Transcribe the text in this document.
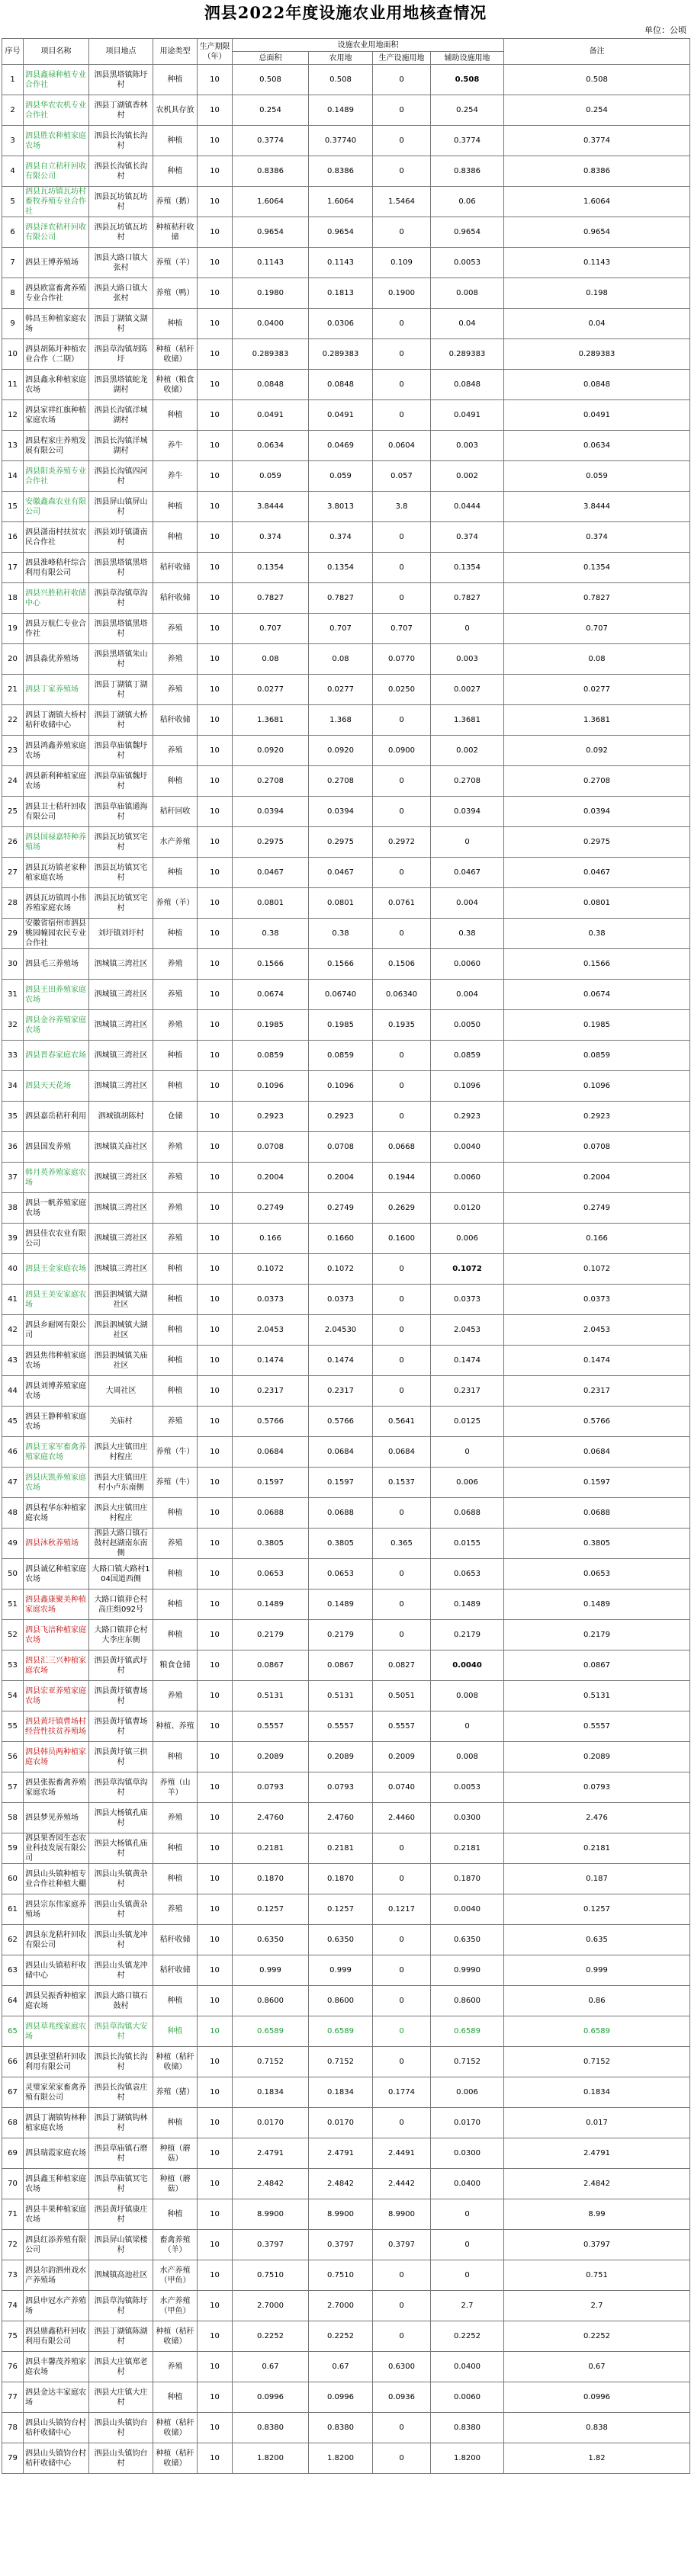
泗县2022年度设施农业用地核查情况
单位：公顷
序号	项目名称	项目地点	用途类型	生产期限（年）	设施农业用地面积				备注
					总面积	农用地	生产设施用地	辅助设施用地	
1	泗县鑫禄种植专业合作社	泗县黑塔镇陈圩村	种植	10	0.508	0.508	0	0.508	0.508
2	泗县华农农机专业合作社	泗县丁湖镇香林村	农机具存放	10	0.254	0.1489	0	0.254	0.254
3	泗县胜农种植家庭农场	泗县长沟镇长沟村	种植	10	0.3774	0.37740	0	0.3774	0.3774
4	泗县自立秸秆回收有限公司	泗县长沟镇长沟村	种植	10	0.8386	0.8386	0	0.8386	0.8386
5	泗县瓦坊镇瓦坊村畜牧养殖专业合作社	泗县瓦坊镇瓦坊村	养殖（鹅）	10	1.6064	1.6064	1.5464	0.06	1.6064
6	泗县泽农秸秆回收有限公司	泗县瓦坊镇瓦坊村	种植秸秆收储	10	0.9654	0.9654	0	0.9654	0.9654
7	泗县王博养殖场	泗县大路口镇大张村	养殖（羊）	10	0.1143	0.1143	0.109	0.0053	0.1143
8	泗县欧富畜禽养殖专业合作社	泗县大路口镇大张村	养殖（鸭）	10	0.1980	0.1813	0.1900	0.008	0.198
9	韩昌玉种植家庭农场	泗县丁湖镇文湖村	种植	10	0.0400	0.0306	0	0.04	0.04
10	泗县胡陈圩种植农业合作（二期）	泗县草沟镇胡陈圩	种植（秸秆收储）	10	0.289383	0.289383	0	0.289383	0.289383
11	泗县鑫永种植家庭农场	泗县黑塔镇蛇龙湖村	种植（粮食收储）	10	0.0848	0.0848	0	0.0848	0.0848
12	泗县家祥红旗种植家庭农场	泗县长沟镇洋城湖村	种植	10	0.0491	0.0491	0	0.0491	0.0491
13	泗县程家庄养殖发展有限公司	泗县长沟镇洋城湖村	养牛	10	0.0634	0.0469	0.0604	0.003	0.0634
14	泗县阳炎养殖专业合作社	泗县长沟镇四河村	养牛	10	0.059	0.059	0.057	0.002	0.059
15	安徽鑫森农业有限公司	泗县屏山镇屏山村	种植	10	3.8444	3.8013	3.8	0.0444	3.8444
16	泗县潇南村扶贫农民合作社	泗县刘圩镇潇南村	种植	10	0.374	0.374	0	0.374	0.374
17	泗县淮峰秸秆综合利用有限公司	泗县黑塔镇黑塔村	秸秆收储	10	0.1354	0.1354	0	0.1354	0.1354
18	泗县兴胜秸秆收储中心	泗县草沟镇草沟村	秸秆收储	10	0.7827	0.7827	0	0.7827	0.7827
19	泗县万航仁专业合作社	泗县黑塔镇黑塔村	养殖	10	0.707	0.707	0.707	0	0.707
20	泗县淼优养殖场	泗县黑塔镇朱山村	养殖	10	0.08	0.08	0.0770	0.003	0.08
21	泗县丁家养殖场	泗县丁湖镇丁湖村	养殖	10	0.0277	0.0277	0.0250	0.0027	0.0277
22	泗县丁湖镇大桥村秸秆收储中心	泗县丁湖镇大桥村	秸秆收储	10	1.3681	1.368	0	1.3681	1.3681
23	泗县鸿鑫养殖家庭农场	泗县草庙镇魏圩村	养殖	10	0.0920	0.0920	0.0900	0.002	0.092
24	泗县新利种植家庭农场	泗县草庙镇魏圩村	种植	10	0.2708	0.2708	0	0.2708	0.2708
25	泗县卫士秸秆回收有限公司	泗县草庙镇通海村	秸秆回收	10	0.0394	0.0394	0	0.0394	0.0394
26	泗县国禄嘉特种养殖场	泗县瓦坊镇冥宅村	水产养殖	10	0.2975	0.2975	0.2972	0	0.2975
27	泗县瓦坊镇老家种植家庭农场	泗县瓦坊镇冥宅村	种植	10	0.0467	0.0467	0	0.0467	0.0467
28	泗县瓦坊镇周小伟养殖家庭农场	泗县瓦坊镇冥宅村	养殖（羊）	10	0.0801	0.0801	0.0761	0.004	0.0801
29	安徽省宿州市泗县桃园幢园农民专业合作社	刘圩镇刘圩村	种植	10	0.38	0.38	0	0.38	0.38
30	泗县毛三养殖场	泗城镇三湾社区	养殖	10	0.1566	0.1566	0.1506	0.0060	0.1566
31	泗县王田养殖家庭农场	泗城镇三湾社区	养殖	10	0.0674	0.06740	0.06340	0.004	0.0674
32	泗县金谷养殖家庭农场	泗城镇三湾社区	养殖	10	0.1985	0.1985	0.1935	0.0050	0.1985
33	泗县晋春家庭农场	泗城镇三湾社区	种植	10	0.0859	0.0859	0	0.0859	0.0859
34	泗县天天花场	泗城镇三湾社区	种植	10	0.1096	0.1096	0	0.1096	0.1096
35	泗县嘉岳秸秆利用	泗城镇胡陈村	仓储	10	0.2923	0.2923	0	0.2923	0.2923
36	泗县国发养殖	泗城镇关庙社区	养殖	10	0.0708	0.0708	0.0668	0.0040	0.0708
37	韩月英养殖家庭农场	泗城镇三湾社区	养殖	10	0.2004	0.2004	0.1944	0.0060	0.2004
38	泗县一帆养殖家庭农场	泗城镇三湾社区	养殖	10	0.2749	0.2749	0.2629	0.0120	0.2749
39	泗县佳农农业有限公司	泗城镇三湾社区	养殖	10	0.166	0.1660	0.1600	0.006	0.166
40	泗县王金家庭农场	泗城镇三湾社区	种植	10	0.1072	0.1072	0	0.1072	0.1072
41	泗县王美安家庭农场	泗县泗城镇大湖社区	种植	10	0.0373	0.0373	0	0.0373	0.0373
42	泗县乡耐网有限公司	泗县泗城镇大湖社区	种植	10	2.0453	2.04530	0	2.0453	2.0453
43	泗县焦伟种植家庭农场	泗县泗城镇关庙社区	种植	10	0.1474	0.1474	0	0.1474	0.1474
44	泗县刘博养殖家庭农场	大周社区	种植	10	0.2317	0.2317	0	0.2317	0.2317
45	泗县王静种植家庭农场	关庙村	养殖	10	0.5766	0.5766	0.5641	0.0125	0.5766
46	泗县王家军畜禽养殖家庭农场	泗县大庄镇田庄村程庄	养殖（牛）	10	0.0684	0.0684	0.0684	0	0.0684
47	泗县庆凯养殖家庭农场	泗县大庄镇田庄村小卢东南侧	养殖（牛）	10	0.1597	0.1597	0.1537	0.006	0.1597
48	泗县程华东种植家庭农场	泗县大庄镇田庄村程庄	种植	10	0.0688	0.0688	0	0.0688	0.0688
49	泗县沐秋养殖场	泗县大路口镇石鼓村赵湖南东南侧	养殖	10	0.3805	0.3805	0.365	0.0155	0.3805
50	泗县诚亿种植家庭农场	大路口镇大路村104国道西侧	种植	10	0.0653	0.0653	0	0.0653	0.0653
51	泗县鑫康聚美种植家庭农场	大路口镇茆仑村高庄组092号	种植	10	0.1489	0.1489	0	0.1489	0.1489
52	泗县飞涪种植家庭农场	大路口镇茆仑村大李庄东侧	种植	10	0.2179	0.2179	0	0.2179	0.2179
53	泗县汇三兴种植家庭农场	泗县黄圩镇武圩村	粮食仓储	10	0.0867	0.0867	0.0827	0.0040	0.0867
54	泗县宏亚养殖家庭农场	泗县黄圩镇曹场村	养殖	10	0.5131	0.5131	0.5051	0.008	0.5131
55	泗县黄圩镇曹场村经营性扶贫养殖场	泗县黄圩镇曹场村	种植、养殖	10	0.5557	0.5557	0.5557	0	0.5557
56	泗县韩员两种植家庭农场	泗县黄圩镇三拱村	种植	10	0.2089	0.2089	0.2009	0.008	0.2089
57	泗县张振畜禽养殖家庭农场	泗县草沟镇草沟村	养殖（山羊）	10	0.0793	0.0793	0.0740	0.0053	0.0793
58	泗县梦见养殖场	泗县大杨镇孔庙村	养殖	10	2.4760	2.4760	2.4460	0.0300	2.476
59	泗县果香园生态农业科技发展有限公司	泗县大杨镇孔庙村	种植	10	0.2181	0.2181	0	0.2181	0.2181
60	泗县山头镇种植专业合作社种植大棚	泗县山头镇黄杂村	种植	10	0.1870	0.1870	0	0.1870	0.187
61	泗县宗东伟家庭养殖场	泗县山头镇黄杂村	养殖	10	0.1257	0.1257	0.1217	0.0040	0.1257
62	泗县东龙秸秆回收有限公司	泗县山头镇龙冲村	秸秆收储	10	0.6350	0.6350	0	0.6350	0.635
63	泗县山头镇秸秆收储中心	泗县山头镇龙冲村	秸秆收储	10	0.999	0.999	0	0.9990	0.999
64	泗县吴振香种植家庭农场	泗县大路口镇石鼓村	种植	10	0.8600	0.8600	0	0.8600	0.86
65	泗县草兆线家庭农场	泗县草沟镇大安村	种植	10	0.6589	0.6589	0	0.6589	0.6589
66	泗县张望秸秆回收利用有限公司	泗县长沟镇长沟村	种植（秸秆收储）	10	0.7152	0.7152	0	0.7152	0.7152
67	灵璧家荣家畜禽养殖有限公司	泗县长沟镇袁庄村	养殖（猪）	10	0.1834	0.1834	0.1774	0.006	0.1834
68	泗县丁湖镇钩林种植家庭农场	泗县丁湖镇钩林村	种植	10	0.0170	0.0170	0	0.0170	0.017
69	泗县瑞霞家庭农场	泗县草庙镇石磨村	种植（蘑菇）	10	2.4791	2.4791	2.4491	0.0300	2.4791
70	泗县鑫玉种植家庭农场	泗县草庙镇冥宅村	种植（蘑菇）	10	2.4842	2.4842	2.4442	0.0400	2.4842
71	泗县丰果种植家庭农场	泗县黄圩镇康庄村	种植	10	8.9900	8.9900	8.9900	0	8.99
72	泗县红添养殖有限公司	泗县屏山镇梁楼村	畜禽养殖（羊）	10	0.3797	0.3797	0.3797	0	0.3797
73	泗县尔韵泗州戏水产养殖场	泗城镇高池社区	水产养殖（甲鱼）	10	0.7510	0.7510	0	0	0.751
74	泗县申冠水产养殖场	泗县草沟镇陈圩村	水产养殖（甲鱼）	10	2.7000	2.7000	0	2.7	2.7
75	泗县鼎鑫秸秆回收利用有限公司	泗县丁湖镇陈湖村	种植（秸秆收储）	10	0.2252	0.2252	0	0.2252	0.2252
76	泗县丰馨茂养殖家庭农场	泗县大庄镇郑老村	养殖	10	0.67	0.67	0.6300	0.0400	0.67
77	泗县金达丰家庭农场	泗县大庄镇大庄村	种植	10	0.0996	0.0996	0.0936	0.0060	0.0996
78	泗县山头镇钧台村秸秆收储中心	泗县山头镇钧台村	种植（秸秆收储）	10	0.8380	0.8380	0	0.8380	0.838
79	泗县山头镇钧台村秸秆收储中心	泗县山头镇钧台村	种植（秸秆收储）	10	1.8200	1.8200	0	1.8200	1.82
